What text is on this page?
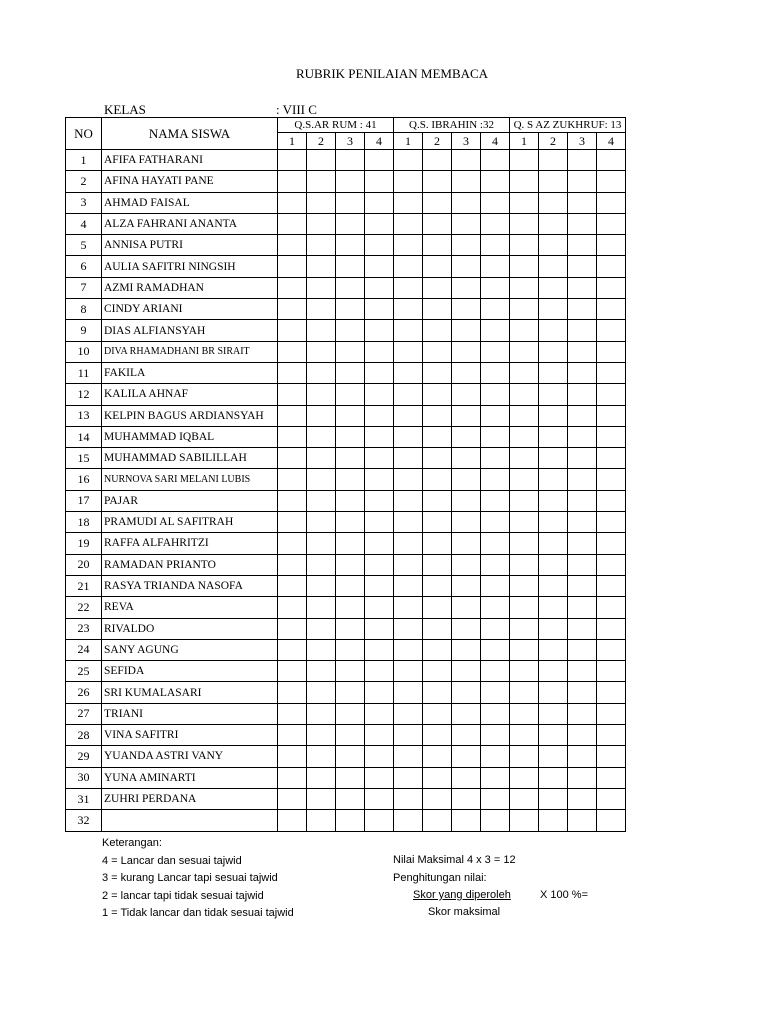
RUBRIK PENILAIAN MEMBACA
KELAS	: VIII C
NO	NAMA SISWA	Q.S.AR RUM : 41				Q.S. IBRAHIN :32				Q. S AZ ZUKHRUF: 13			
		1	2	3	4	1	2	3	4	1	2	3	4
1	AFIFA FATHARANI												
2	AFINA HAYATI PANE												
3	AHMAD FAISAL												
4	ALZA FAHRANI ANANTA												
5	ANNISA PUTRI												
6	AULIA SAFITRI NINGSIH												
7	AZMI RAMADHAN												
8	CINDY ARIANI												
9	DIAS ALFIANSYAH												
10	DIVA RHAMADHANI BR SIRAIT												
11	FAKILA												
12	KALILA AHNAF												
13	KELPIN BAGUS ARDIANSYAH												
14	MUHAMMAD IQBAL												
15	MUHAMMAD SABILILLAH												
16	NURNOVA SARI MELANI LUBIS												
17	PAJAR												
18	PRAMUDI AL SAFITRAH												
19	RAFFA ALFAHRITZI												
20	RAMADAN PRIANTO												
21	RASYA TRIANDA NASOFA												
22	REVA												
23	RIVALDO												
24	SANY AGUNG												
25	SEFIDA												
26	SRI KUMALASARI												
27	TRIANI												
28	VINA SAFITRI												
29	YUANDA ASTRI VANY												
30	YUNA AMINARTI												
31	ZUHRI PERDANA												
32													
Keterangan:
4 = Lancar dan sesuai tajwid
3 = kurang Lancar tapi sesuai tajwid
2 = lancar tapi tidak sesuai tajwid
1 = Tidak lancar dan tidak sesuai tajwid
Nilai Maksimal 4 x 3 = 12
Penghitungan nilai:
Skor yang diperoleh	X 100 %=
Skor maksimal
